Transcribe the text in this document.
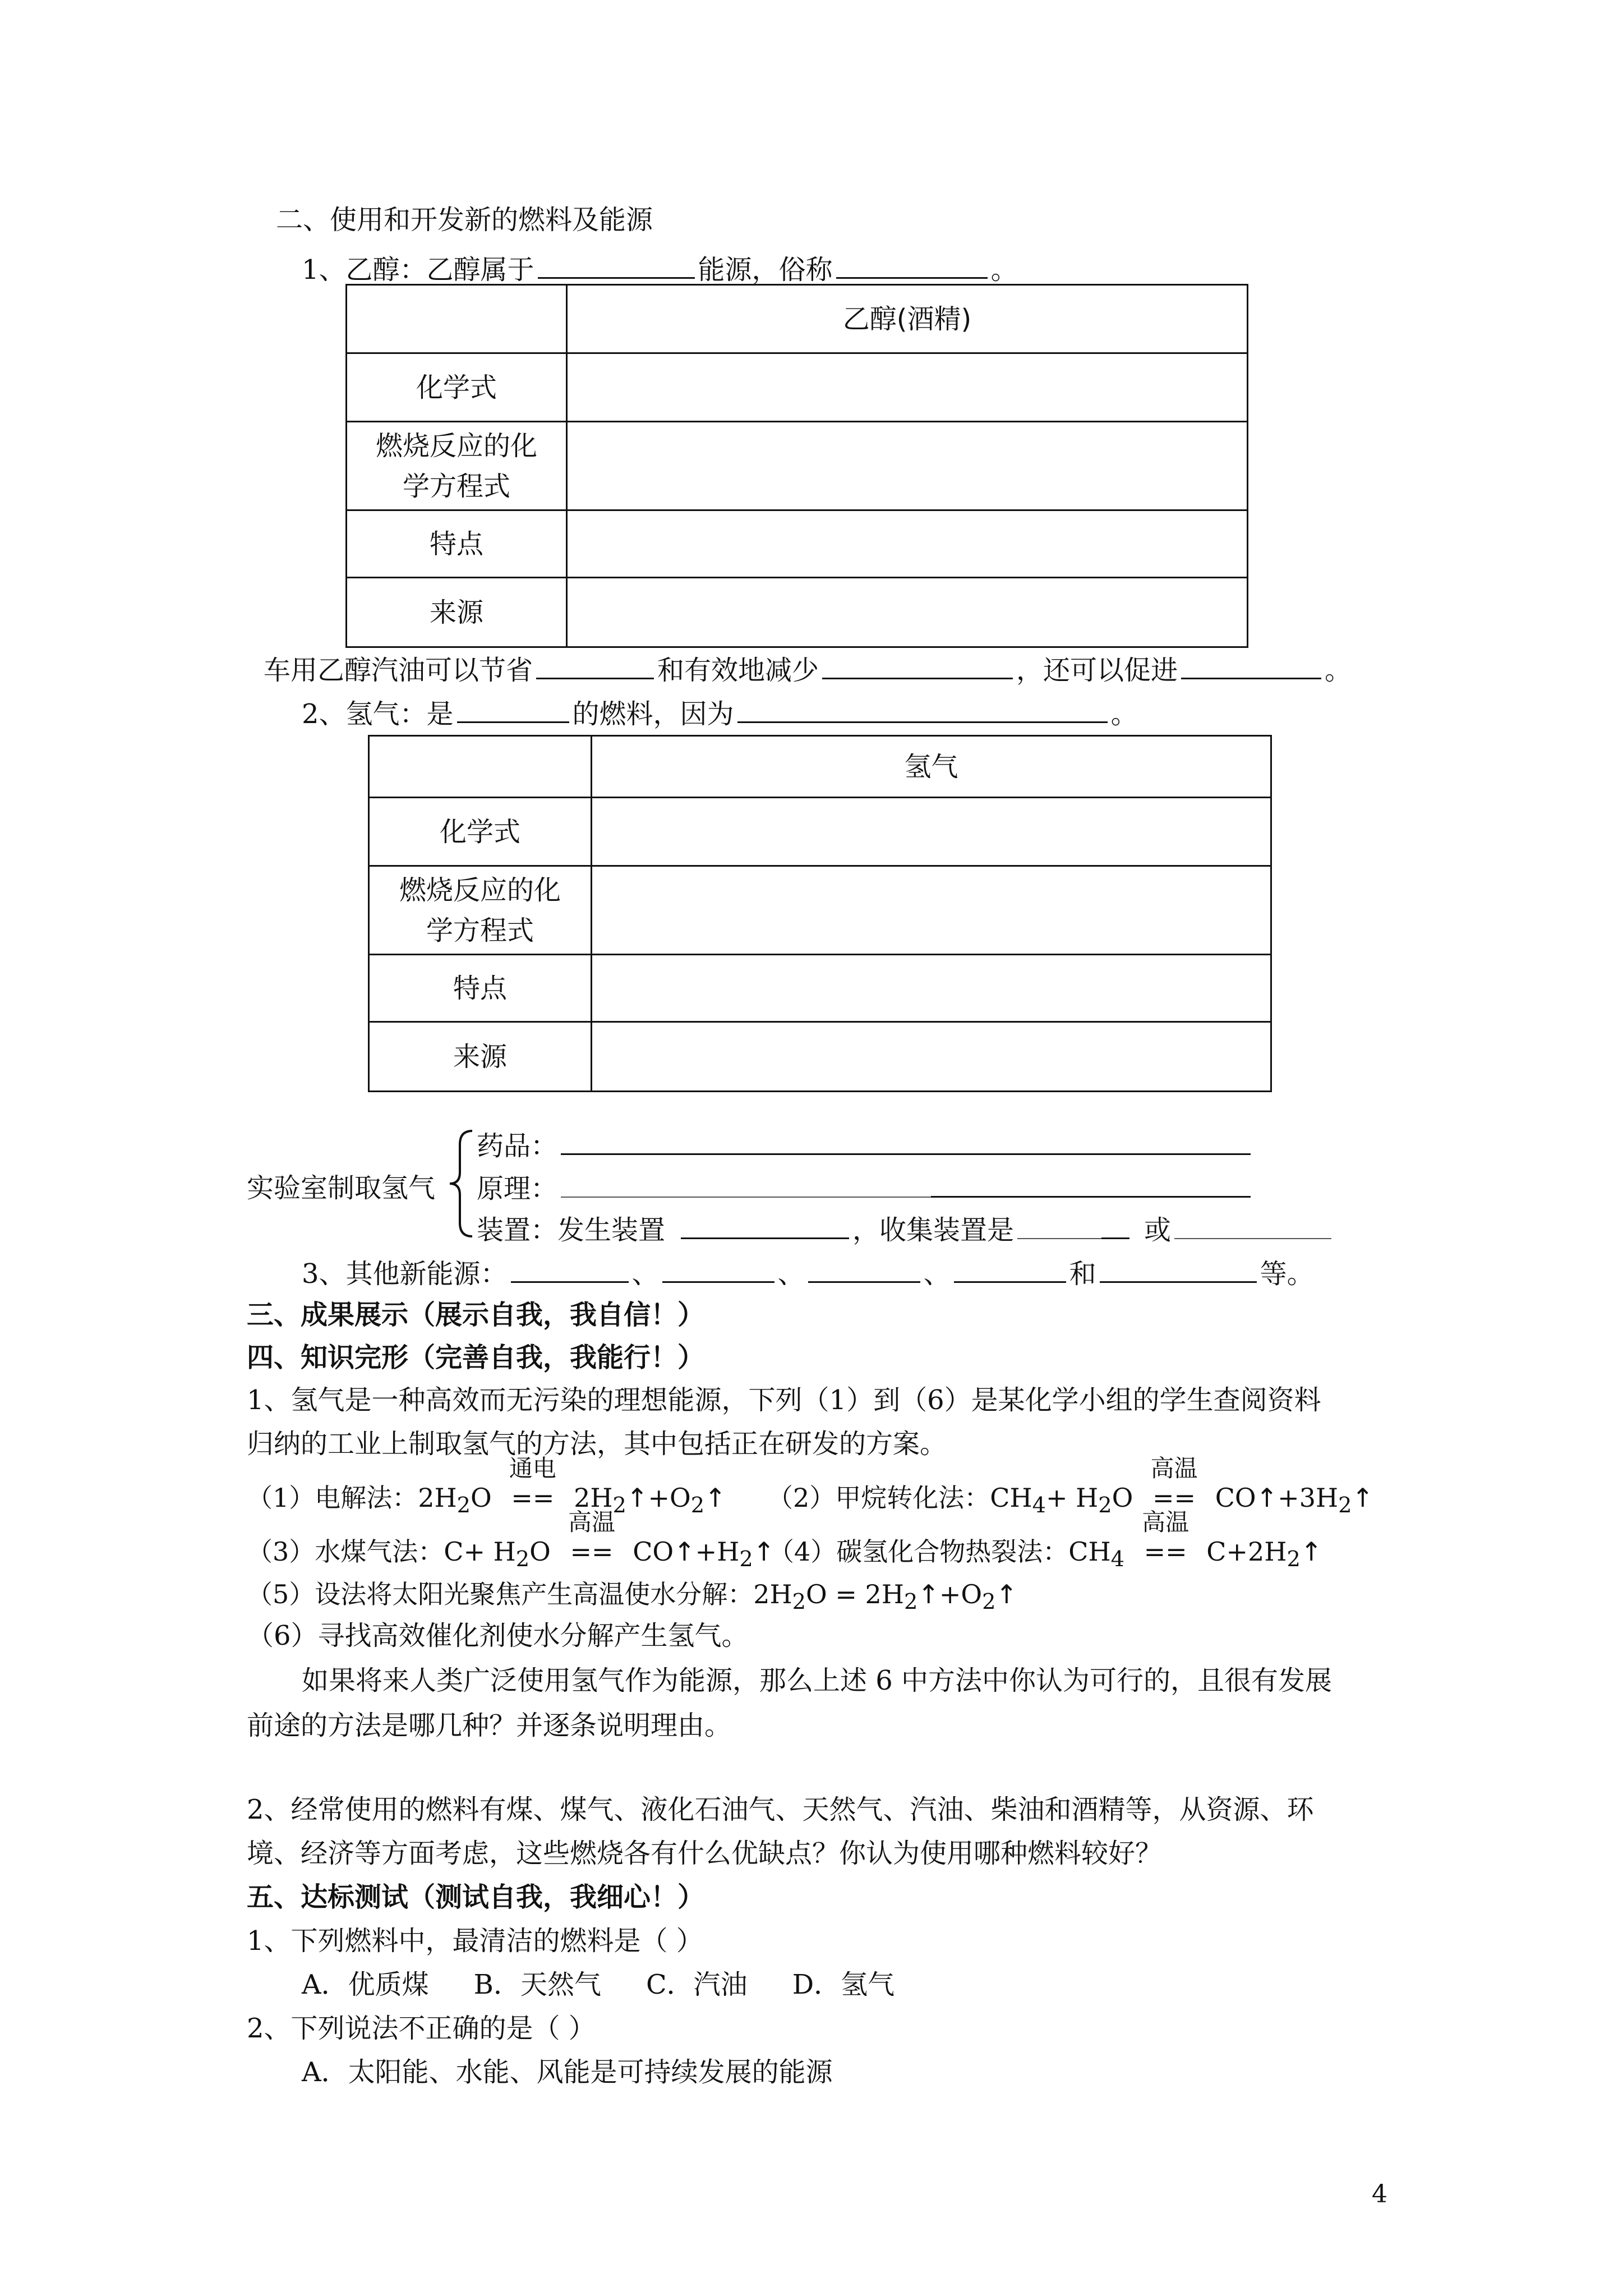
二、使用和开发新的燃料及能源
1、乙醇：乙醇属于	能源，俗称	。
	乙醇(酒精)
化学式	
燃烧反应的化
学方程式	
特点	
来源	
车用乙醇汽油可以节省	和有效地减少	，还可以促进	。
2、氢气：是	的燃料，因为	。
	氢气
化学式	
燃烧反应的化
学方程式	
特点	
来源	
实验室制取氢气
药品：
原理：
装置：发生装置	，收集装置是	或
3、其他新能源：	、	、	、	和	等。
三、成果展示（展示自我，我自信！）
四、知识完形（完善自我，我能行！）
1、氢气是一种高效而无污染的理想能源，下列（1）到（6）是某化学小组的学生查阅资料
归纳的工业上制取氢气的方法，其中包括正在研发的方案。
（1）电解法：$2H_2O$
通电
== $2H_2↑+O_2↑$ （2）甲烷转化法：$CH_4+ H_2O$
高温
== $CO↑+3H_2↑$
（3）水煤气法：$C+ H_2O$
高温
== $CO↑+H_2↑$
（4）碳氢化合物热裂法：$CH_4$
高温
== $C+2H_2↑$
（5）设法将太阳光聚焦产生高温使水分解：$2H_2O$ = $2H_2↑+O_2↑$
（6）寻找高效催化剂使水分解产生氢气。
如果将来人类广泛使用氢气作为能源，那么上述 6 中方法中你认为可行的，且很有发展
前途的方法是哪几种？并逐条说明理由。
2、经常使用的燃料有煤、煤气、液化石油气、天然气、汽油、柴油和酒精等，从资源、环
境、经济等方面考虑，这些燃烧各有什么优缺点？你认为使用哪种燃料较好？
五、达标测试（测试自我，我细心！）
1、下列燃料中，最清洁的燃料是（ ）
A．优质煤 B．天然气 C．汽油 D．氢气
2、下列说法不正确的是（ ）
A．太阳能、水能、风能是可持续发展的能源
4
